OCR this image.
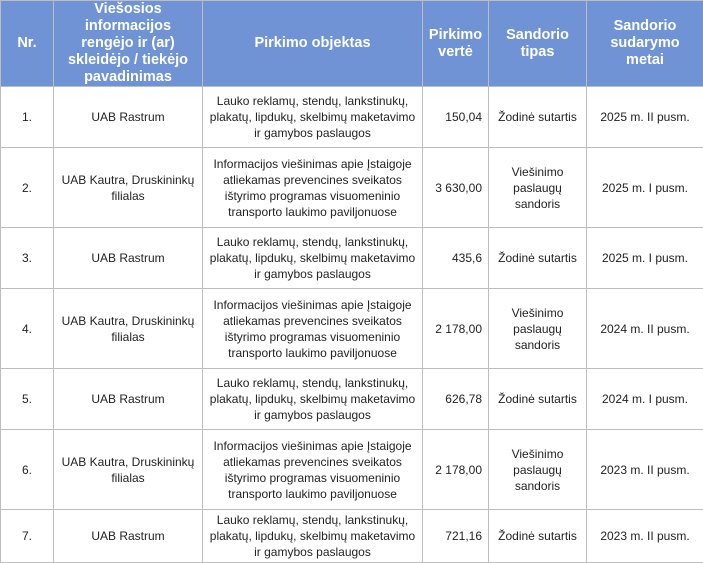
Nr.	Viešosios informacijos rengėjo ir (ar) skleidėjo / tiekėjo pavadinimas	Pirkimo objektas	Pirkimo vertė	Sandorio tipas	Sandorio sudarymo metai
1.	UAB Rastrum	Lauko reklamų, stendų, lankstinukų, plakatų, lipdukų, skelbimų maketavimo ir gamybos paslaugos	150,04	Žodinė sutartis	2025 m. II pusm.
2.	UAB Kautra, Druskininkų filialas	Informacijos viešinimas apie Įstaigoje atliekamas prevencines sveikatos ištyrimo programas visuomeninio transporto laukimo paviljonuose	3 630,00	Viešinimo paslaugų sandoris	2025 m. I pusm.
3.	UAB Rastrum	Lauko reklamų, stendų, lankstinukų, plakatų, lipdukų, skelbimų maketavimo ir gamybos paslaugos	435,6	Žodinė sutartis	2025 m. I pusm.
4.	UAB Kautra, Druskininkų filialas	Informacijos viešinimas apie Įstaigoje atliekamas prevencines sveikatos ištyrimo programas visuomeninio transporto laukimo paviljonuose	2 178,00	Viešinimo paslaugų sandoris	2024 m. II pusm.
5.	UAB Rastrum	Lauko reklamų, stendų, lankstinukų, plakatų, lipdukų, skelbimų maketavimo ir gamybos paslaugos	626,78	Žodinė sutartis	2024 m. I pusm.
6.	UAB Kautra, Druskininkų filialas	Informacijos viešinimas apie Įstaigoje atliekamas prevencines sveikatos ištyrimo programas visuomeninio transporto laukimo paviljonuose	2 178,00	Viešinimo paslaugų sandoris	2023 m. II pusm.
7.	UAB Rastrum	Lauko reklamų, stendų, lankstinukų, plakatų, lipdukų, skelbimų maketavimo ir gamybos paslaugos	721,16	Žodinė sutartis	2023 m. II pusm.
